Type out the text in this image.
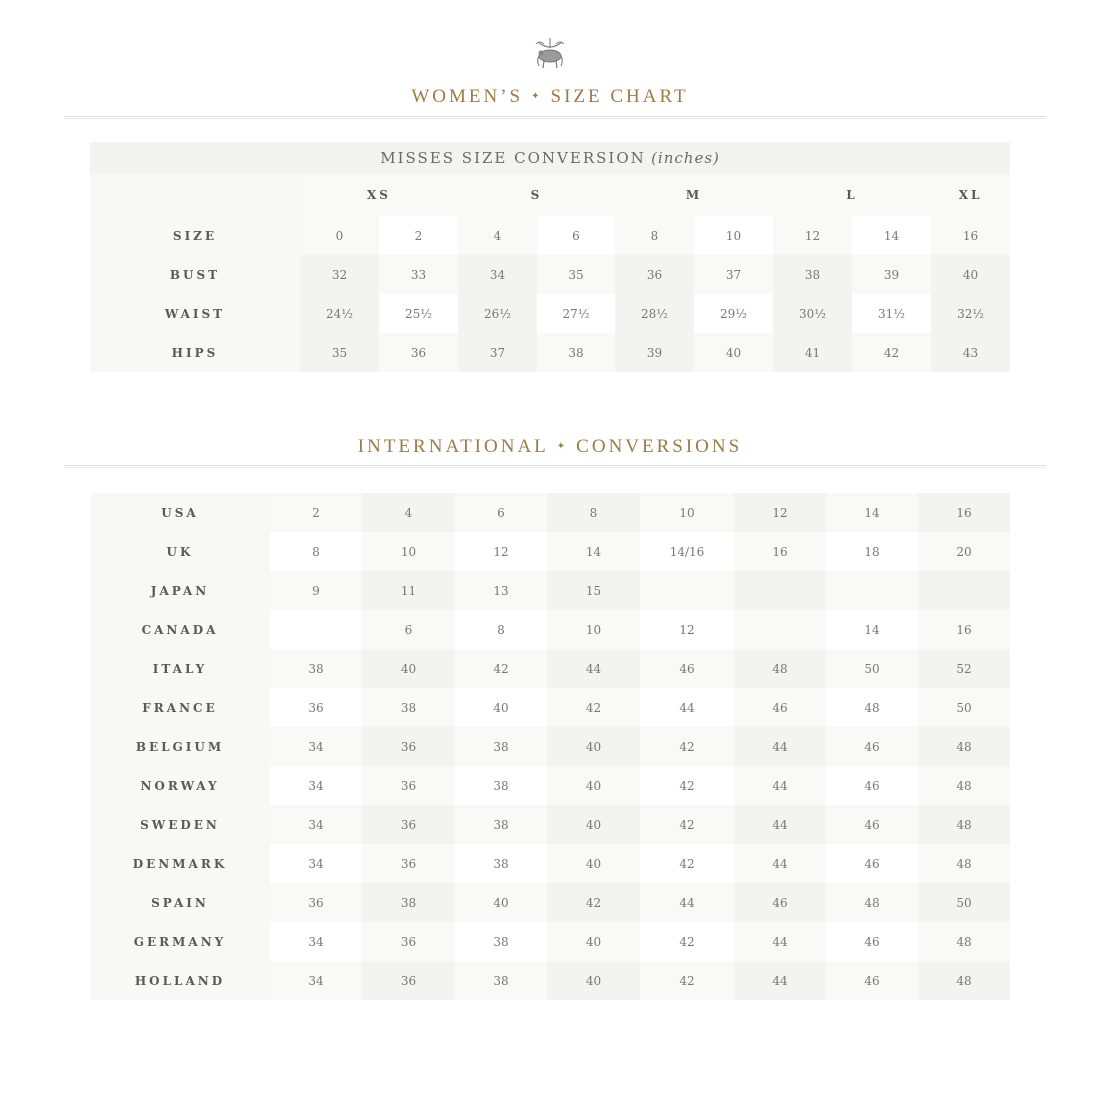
WOMEN’S ✦ SIZE CHART
MISSES SIZE CONVERSION (inches)									
	XS		S		M		L		XL
SIZE	0	2	4	6	8	10	12	14	16
BUST	32	33	34	35	36	37	38	39	40
WAIST	24½	25½	26½	27½	28½	29½	30½	31½	32½
HIPS	35	36	37	38	39	40	41	42	43
INTERNATIONAL ✦ CONVERSIONS
USA	2	4	6	8	10	12	14	16
UK	8	10	12	14	14/16	16	18	20
JAPAN	9	11	13	15				
CANADA		6	8	10	12		14	16
ITALY	38	40	42	44	46	48	50	52
FRANCE	36	38	40	42	44	46	48	50
BELGIUM	34	36	38	40	42	44	46	48
NORWAY	34	36	38	40	42	44	46	48
SWEDEN	34	36	38	40	42	44	46	48
DENMARK	34	36	38	40	42	44	46	48
SPAIN	36	38	40	42	44	46	48	50
GERMANY	34	36	38	40	42	44	46	48
HOLLAND	34	36	38	40	42	44	46	48
